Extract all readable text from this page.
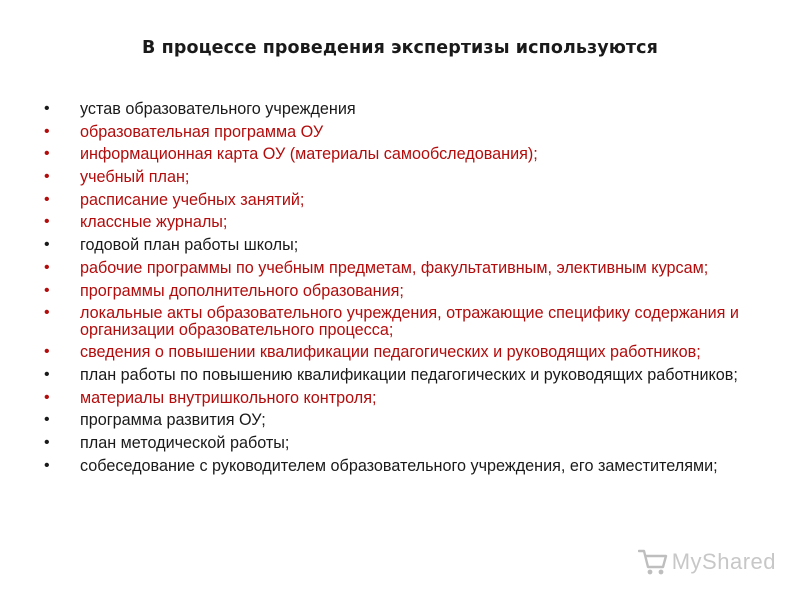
В процессе проведения экспертизы используются
• устав образовательного учреждения
• образовательная программа ОУ
• информационная карта ОУ (материалы самообследования);
• учебный план;
• расписание учебных занятий;
• классные журналы;
• годовой план работы школы;
• рабочие программы по учебным предметам, факультативным, элективным курсам;
• программы дополнительного образования;
• локальные акты образовательного учреждения, отражающие специфику содержания и организации образовательного процесса;
• сведения о повышении квалификации педагогических и руководящих работников;
• план работы по повышению квалификации педагогических и руководящих работников;
• материалы внутришкольного контроля;
• программа развития ОУ;
• план методической работы;
• собеседование с руководителем образовательного учреждения, его заместителями;
MyShared
